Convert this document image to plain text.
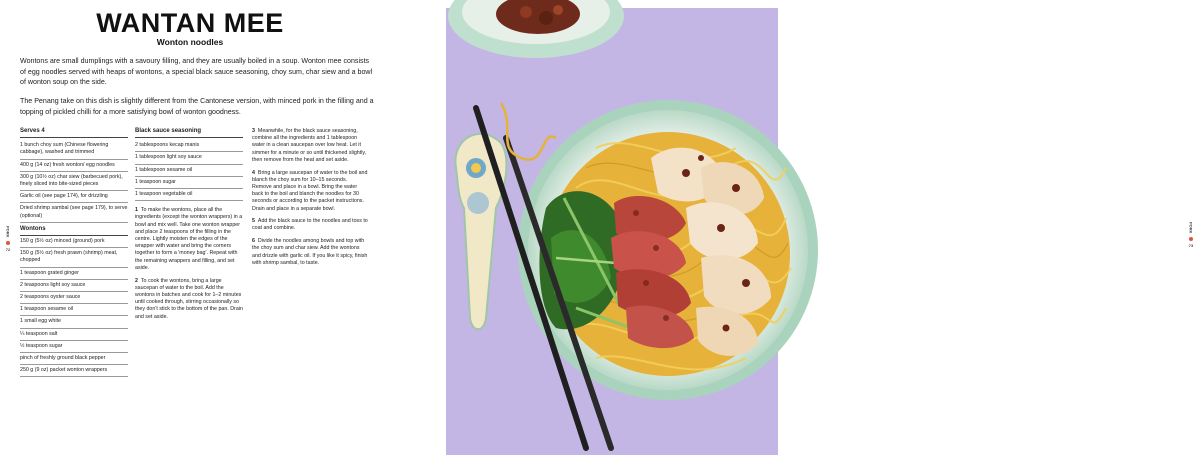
WANTAN MEE
Wonton noodles

Wontons are small dumplings with a savoury filling, and they are usually boiled in a soup. Wonton mee consists of egg noodles served with heaps of wontons, a special black sauce seasoning, choy sum, char siew and a bowl of wonton soup on the side.

The Penang take on this dish is slightly different from the Cantonese version, with minced pork in the filling and a topping of pickled chilli for a more satisfying bowl of wonton goodness.

Serves 4
1 bunch choy sum (Chinese flowering cabbage), washed and trimmed
400 g (14 oz) fresh wonton/ egg noodles
300 g (10½ oz) char siew (barbecued pork), finely sliced into bite-sized pieces
Garlic oil (see page 174), for drizzling
Dried shrimp sambal (see page 179), to serve (optional)
Wontons
150 g (5½ oz) minced (ground) pork
150 g (5½ oz) fresh prawn (shrimp) meat, chopped
1 teaspoon grated ginger
2 teaspoons light soy sauce
2 teaspoons oyster sauce
1 teaspoon sesame oil
1 small egg white
¼ teaspoon salt
½ teaspoon sugar
pinch of freshly ground black pepper
250 g (9 oz) packet wonton wrappers
Black sauce seasoning
2 tablespoons kecap manis
1 tablespoon light soy sauce
1 tablespoon sesame oil
1 teaspoon sugar
1 teaspoon vegetable oil

1 To make the wontons, place all the ingredients (except the wonton wrappers) in a bowl and mix well. Take one wonton wrapper and place 2 teaspoons of the filling in the centre. Lightly moisten the edges of the wrapper with water and bring the corners together to form a 'money bag'. Repeat with the remaining wrappers and filling, and set aside.

2 To cook the wontons, bring a large saucepan of water to the boil. Add the wontons in batches and cook for 1–2 minutes until cooked through, stirring occasionally so they don't stick to the bottom of the pan. Drain and set aside.

3 Meanwhile, for the black sauce seasoning, combine all the ingredients and 1 tablespoon water in a clean saucepan over low heat. Let it simmer for a minute or so until thickened slightly, then remove from the heat and set aside.

4 Bring a large saucepan of water to the boil and blanch the choy sum for 10–15 seconds. Remove and place in a bowl. Bring the water back to the boil and blanch the noodles for 30 seconds or according to the packet instructions. Drain and place in a separate bowl.

5 Add the black sauce to the noodles and toss to coat and combine.

6 Divide the noodles among bowls and top with the choy sum and char siew. Add the wontons and drizzle with garlic oil. If you like it spicy, finish with shrimp sambal, to taste.

PORK
72
PORK
73
